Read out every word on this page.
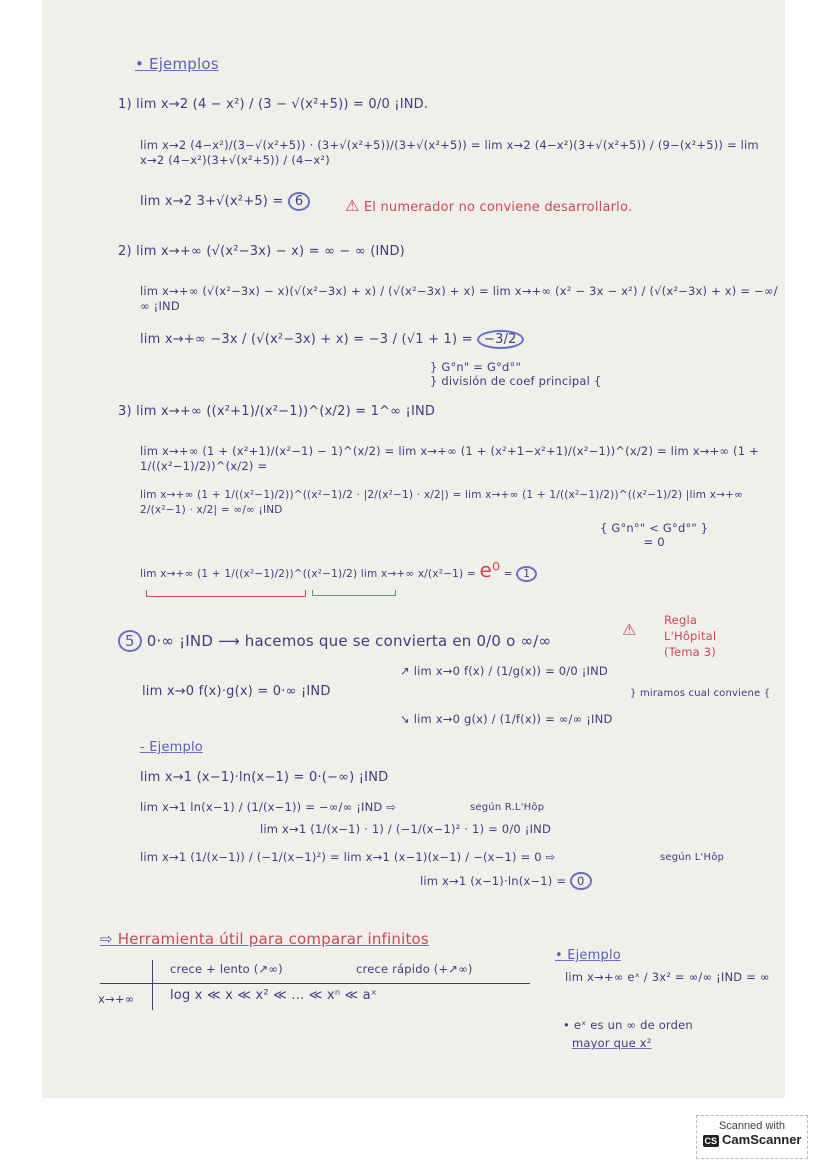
• Ejemplos
1) lim x→2 (4 − x²) / (3 − √(x²+5)) = 0/0 ¡IND.
lim x→2 (4−x²)/(3−√(x²+5)) · (3+√(x²+5))/(3+√(x²+5)) = lim x→2 (4−x²)(3+√(x²+5)) / (9−(x²+5)) = lim x→2 (4−x²)(3+√(x²+5)) / (4−x²)
lim x→2 3+√(x²+5) = 6	⚠ El numerador no conviene desarrollarlo.
2) lim x→+∞ (√(x²−3x) − x) = ∞ − ∞ (IND)
lim x→+∞ (√(x²−3x) − x)(√(x²−3x) + x) / (√(x²−3x) + x) = lim x→+∞ (x² − 3x − x²) / (√(x²−3x) + x) = −∞/∞ ¡IND
lim x→+∞ −3x / (√(x²−3x) + x) = −3 / (√1 + 1) = −3/2
} G°n" = G°d°"
} división de coef principal {
3) lim x→+∞ ((x²+1)/(x²−1))^(x/2) = 1^∞ ¡IND
lim x→+∞ (1 + (x²+1)/(x²−1) − 1)^(x/2) = lim x→+∞ (1 + (x²+1−x²+1)/(x²−1))^(x/2) = lim x→+∞ (1 + 1/((x²−1)/2))^(x/2) =
lim x→+∞ (1 + 1/((x²−1)/2))^((x²−1)/2 · |2/(x²−1) · x/2|) = lim x→+∞ (1 + 1/((x²−1)/2))^((x²−1)/2) |lim x→+∞ 2/(x²−1) · x/2| = ∞/∞ ¡IND
{ G°n°" < G°d°" }
= 0
lim x→+∞ (1 + 1/((x²−1)/2))^((x²−1)/2) lim x→+∞ x/(x²−1) = e⁰ = 1
5 0·∞ ¡IND ⟶ hacemos que se convierta en 0/0 o ∞/∞
⚠ Regla
L'Hôpital
(Tema 3)
lim x→0 f(x)·g(x) = 0·∞ ¡IND
↗ lim x→0 f(x) / (1/g(x)) = 0/0 ¡IND
↘ lim x→0 g(x) / (1/f(x)) = ∞/∞ ¡IND
} miramos cual conviene {
- Ejemplo
lim x→1 (x−1)·ln(x−1) = 0·(−∞) ¡IND
lim x→1 ln(x−1) / (1/(x−1)) = −∞/∞ ¡IND ⇨	según R.L'Hôp
lim x→1 (1/(x−1) · 1) / (−1/(x−1)² · 1) = 0/0 ¡IND
lim x→1 (1/(x−1)) / (−1/(x−1)²) = lim x→1 (x−1)(x−1) / −(x−1) = 0 ⇨	según L'Hôp
lim x→1 (x−1)·ln(x−1) = 0
⇨ Herramienta útil para comparar infinitos
crece + lento (↗∞)	crece rápido (+↗∞)
x→+∞	log x ≪ x ≪ x² ≪ … ≪ xⁿ ≪ aˣ
• Ejemplo
lim x→+∞ eˣ / 3x² = ∞/∞ ¡IND = ∞
• eˣ es un ∞ de orden
mayor que x²
Scanned with
CS CamScanner
